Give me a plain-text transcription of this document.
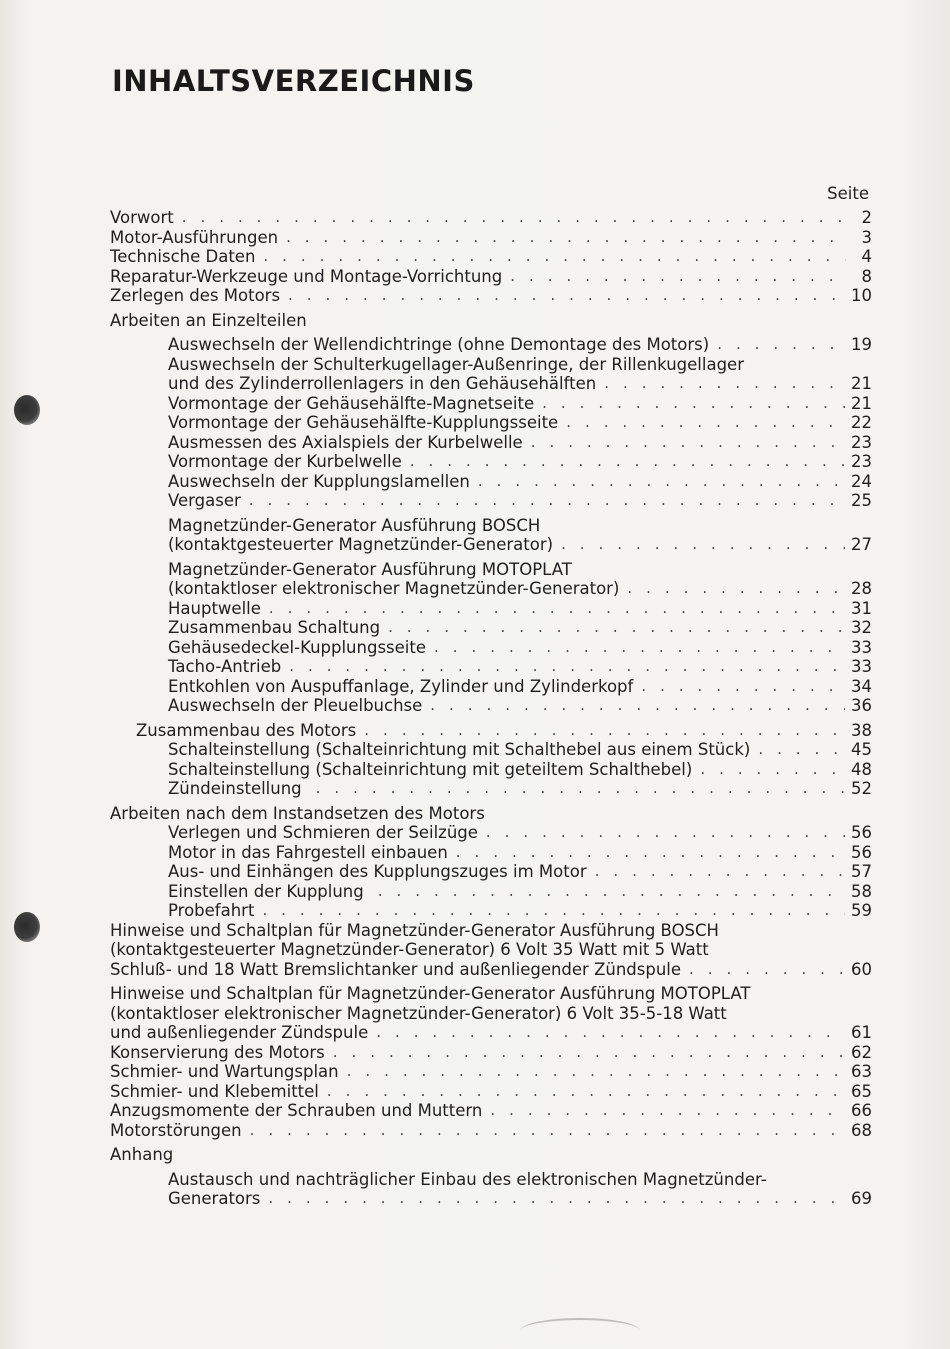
INHALTSVERZEICHNIS
Seite
Vorwort . . .	2
Motor-Ausführungen . . .	3
Technische Daten . . .	4
Reparatur-Werkzeuge und Montage-Vorrichtung . . .	8
Zerlegen des Motors . . .	10
Arbeiten an Einzelteilen
Auswechseln der Wellendichtringe (ohne Demontage des Motors) . . .	19
Auswechseln der Schulterkugellager-Außenringe, der Rillenkugellager
und des Zylinderrollenlagers in den Gehäusehälften . . .	21
Vormontage der Gehäusehälfte-Magnetseite . . .	21
Vormontage der Gehäusehälfte-Kupplungsseite . . .	22
Ausmessen des Axialspiels der Kurbelwelle . . .	23
Vormontage der Kurbelwelle . . .	23
Auswechseln der Kupplungslamellen . . .	24
Vergaser . . .	25
Magnetzünder-Generator Ausführung BOSCH
(kontaktgesteuerter Magnetzünder-Generator) . . .	27
Magnetzünder-Generator Ausführung MOTOPLAT
(kontaktloser elektronischer Magnetzünder-Generator) . . .	28
Hauptwelle . . .	31
Zusammenbau Schaltung . . .	32
Gehäusedeckel-Kupplungsseite . . .	33
Tacho-Antrieb . . .	33
Entkohlen von Auspuffanlage, Zylinder und Zylinderkopf . . .	34
Auswechseln der Pleuelbuchse . . .	36
Zusammenbau des Motors . . .	38
Schalteinstellung (Schalteinrichtung mit Schalthebel aus einem Stück) . . .	45
Schalteinstellung (Schalteinrichtung mit geteiltem Schalthebel) . . .	48
Zündeinstellung . . .	52
Arbeiten nach dem Instandsetzen des Motors
Verlegen und Schmieren der Seilzüge . . .	56
Motor in das Fahrgestell einbauen . . .	56
Aus- und Einhängen des Kupplungszuges im Motor . . .	57
Einstellen der Kupplung . . .	58
Probefahrt . . .	59
Hinweise und Schaltplan für Magnetzünder-Generator Ausführung BOSCH
(kontaktgesteuerter Magnetzünder-Generator) 6 Volt 35 Watt mit 5 Watt
Schluß- und 18 Watt Bremslichtanker und außenliegender Zündspule . . .	60
Hinweise und Schaltplan für Magnetzünder-Generator Ausführung MOTOPLAT
(kontaktloser elektronischer Magnetzünder-Generator) 6 Volt 35-5-18 Watt
und außenliegender Zündspule . . .	61
Konservierung des Motors . . .	62
Schmier- und Wartungsplan . . .	63
Schmier- und Klebemittel . . .	65
Anzugsmomente der Schrauben und Muttern . . .	66
Motorstörungen . . .	68
Anhang
Austausch und nachträglicher Einbau des elektronischen Magnetzünder-
Generators . . .	69
